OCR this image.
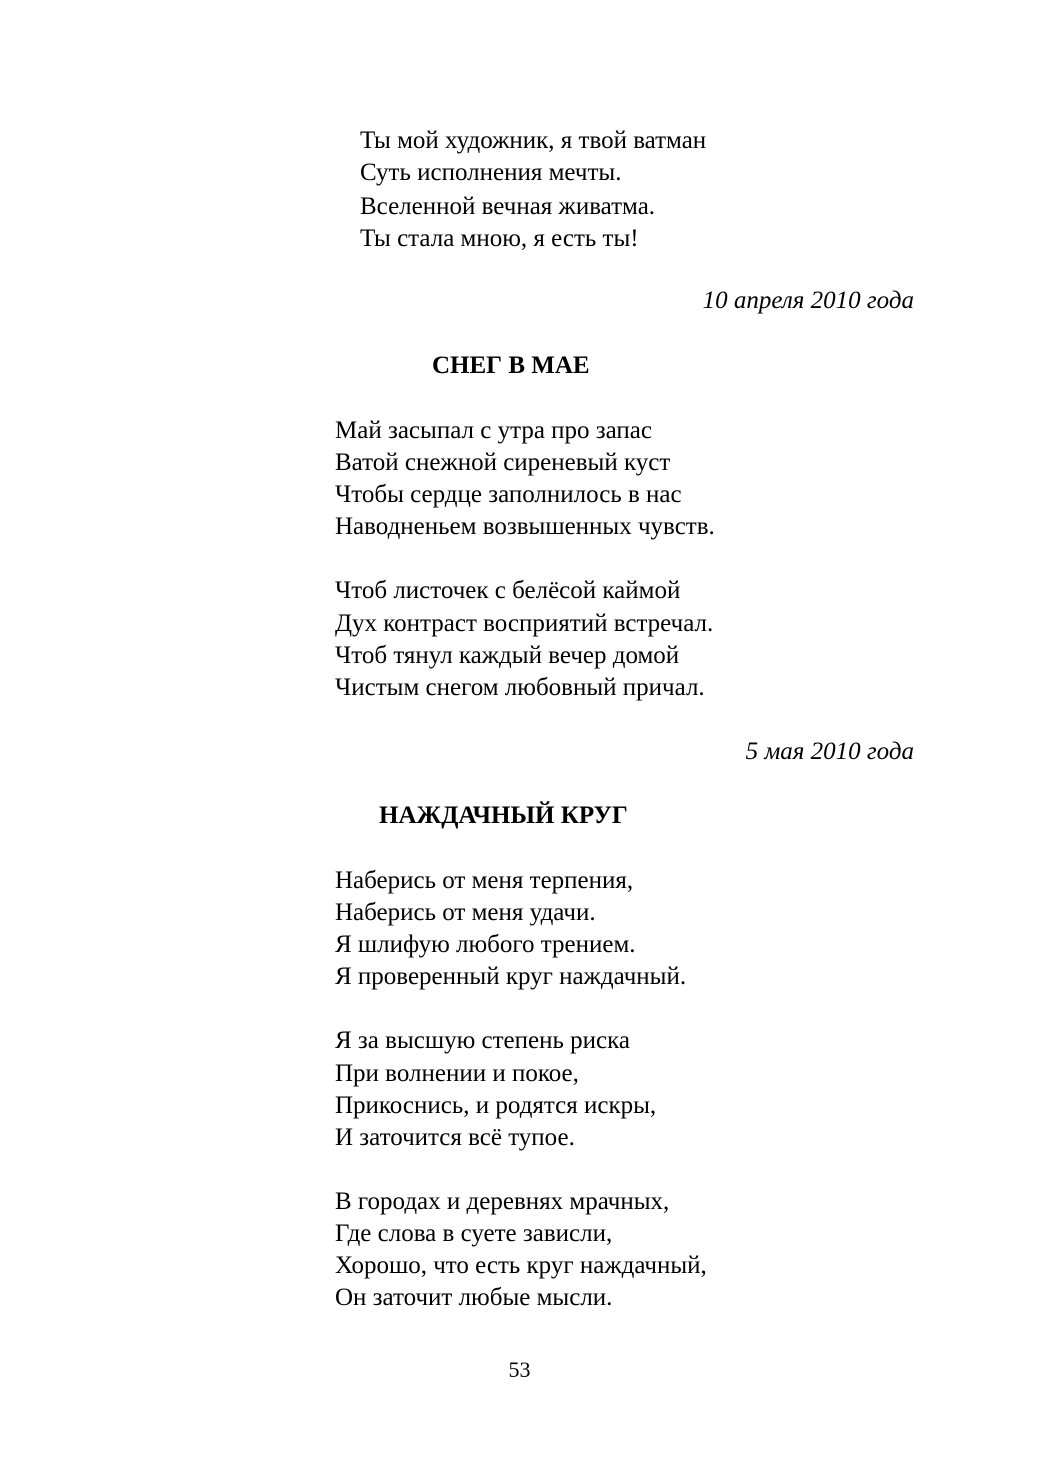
Ты мой художник, я твой ватман
Суть исполнения мечты.
Вселенной вечная живатма.
Ты стала мною, я есть ты!
10 апреля 2010 года
СНЕГ В МАЕ
Май засыпал с утра про запас
Ватой снежной сиреневый куст
Чтобы сердце заполнилось в нас
Наводненьем возвышенных чувств.
Чтоб листочек с белёсой каймой
Дух контраст восприятий встречал.
Чтоб тянул каждый вечер домой
Чистым снегом любовный причал.
5 мая 2010 года
НАЖДАЧНЫЙ КРУГ
Наберись от меня терпения,
Наберись от меня удачи.
Я шлифую любого трением.
Я проверенный круг наждачный.
Я за высшую степень риска
При волнении и покое,
Прикоснись, и родятся искры,
И заточится всё тупое.
В городах и деревнях мрачных,
Где слова в суете зависли,
Хорошо, что есть круг наждачный,
Он заточит любые мысли.
53
